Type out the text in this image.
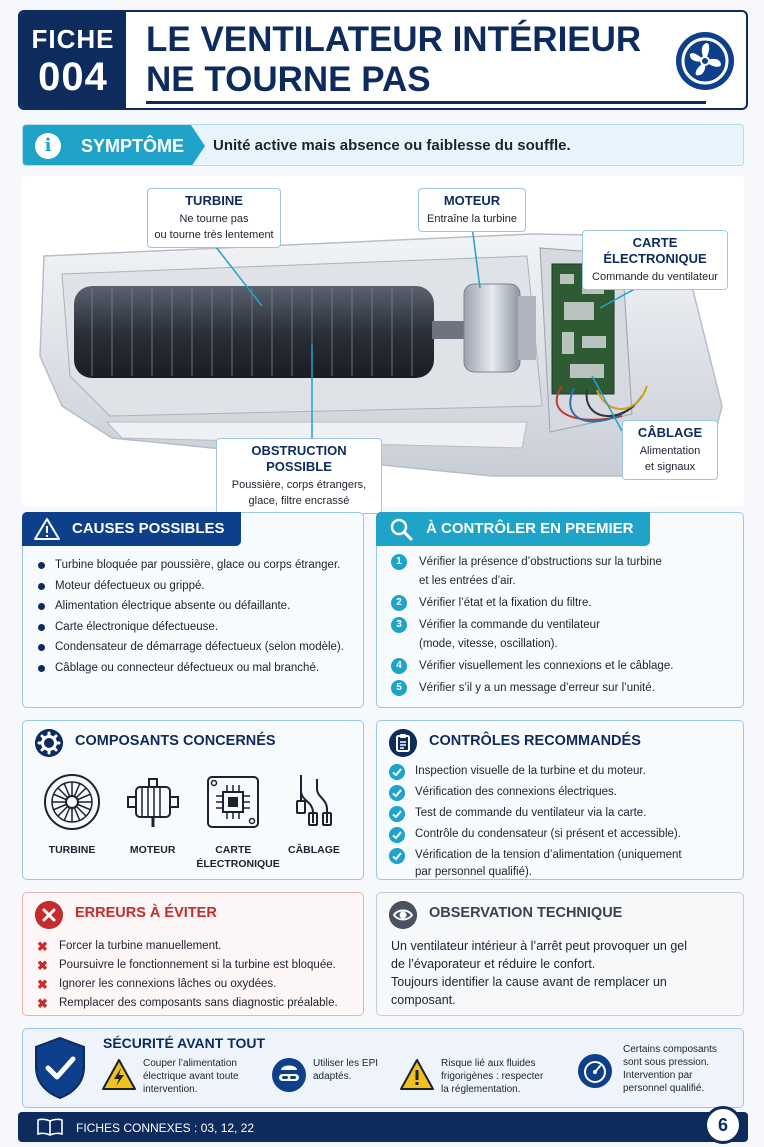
FICHE
004
LE VENTILATEUR INTÉRIEUR
NE TOURNE PAS
i	SYMPTÔME Unité active mais absence ou faiblesse du souffle.
TURBINE
Ne tourne pas
ou tourne très lentement
MOTEUR
Entraîne la turbine
CARTE ÉLECTRONIQUE
Commande du ventilateur
OBSTRUCTION POSSIBLE
Poussière, corps étrangers,
glace, filtre encrassé
CÂBLAGE
Alimentation
et signaux
CAUSES POSSIBLES
Turbine bloquée par poussière, glace ou corps étranger.
Moteur défectueux ou grippé.
Alimentation électrique absente ou défaillante.
Carte électronique défectueuse.
Condensateur de démarrage défectueux (selon modèle).
Câblage ou connecteur défectueux ou mal branché.
À CONTRÔLER EN PREMIER
1	Vérifier la présence d’obstructions sur la turbine
et les entrées d’air.
2	Vérifier l’état et la fixation du filtre.
3	Vérifier la commande du ventilateur
(mode, vitesse, oscillation).
4	Vérifier visuellement les connexions et le câblage.
5	Vérifier s’il y a un message d’erreur sur l’unité.
COMPOSANTS CONCERNÉS
TURBINE	MOTEUR	CARTE
ÉLECTRONIQUE
CÂBLAGE
CONTRÔLES RECOMMANDÉS
Inspection visuelle de la turbine et du moteur.
Vérification des connexions électriques.
Test de commande du ventilateur via la carte.
Contrôle du condensateur (si présent et accessible).
Vérification de la tension d’alimentation (uniquement
par personnel qualifié).
ERREURS À ÉVITER
✖ Forcer la turbine manuellement.
✖ Poursuivre le fonctionnement si la turbine est bloquée.
✖ Ignorer les connexions lâches ou oxydées.
✖ Remplacer des composants sans diagnostic préalable.
OBSERVATION TECHNIQUE
Un ventilateur intérieur à l’arrêt peut provoquer un gel
de l’évaporateur et réduire le confort.
Toujours identifier la cause avant de remplacer un
composant.
SÉCURITÉ AVANT TOUT
Couper l’alimentation
électrique avant toute
intervention.
Utiliser les EPI
adaptés.
Risque lié aux fluides
frigorigènes : respecter
la réglementation.
Certains composants
sont sous pression.
Intervention par
personnel qualifié.
FICHES CONNEXES : 03, 12, 22	6
